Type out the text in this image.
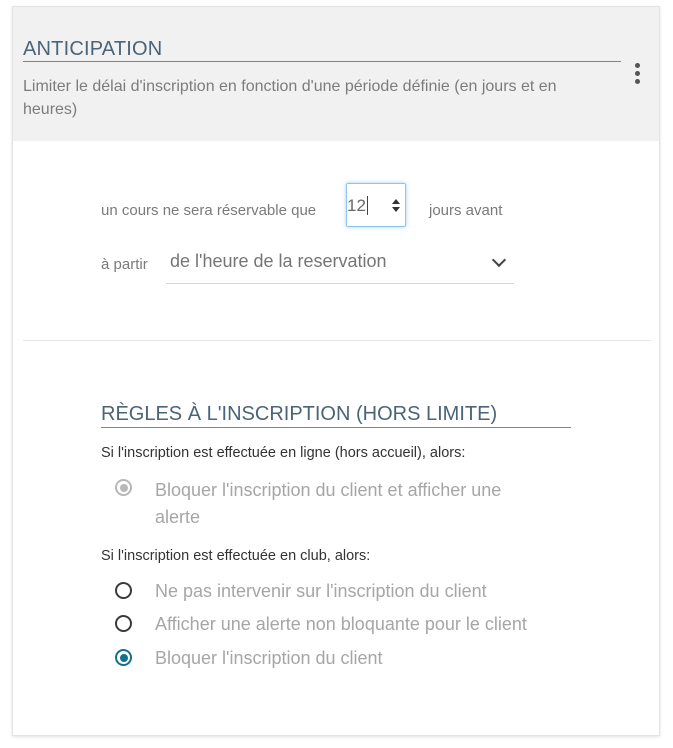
ANTICIPATION
Limiter le délai d'inscription en fonction d'une période définie (en jours et en
heures)
un cours ne sera réservable que 12	jours avant
à partir de l'heure de la reservation
RÈGLES À L'INSCRIPTION (HORS LIMITE)
Si l'inscription est effectuée en ligne (hors accueil), alors:
Bloquer l'inscription du client et afficher une
alerte
Si l'inscription est effectuée en club, alors:
Ne pas intervenir sur l'inscription du client
Afficher une alerte non bloquante pour le client
Bloquer l'inscription du client
